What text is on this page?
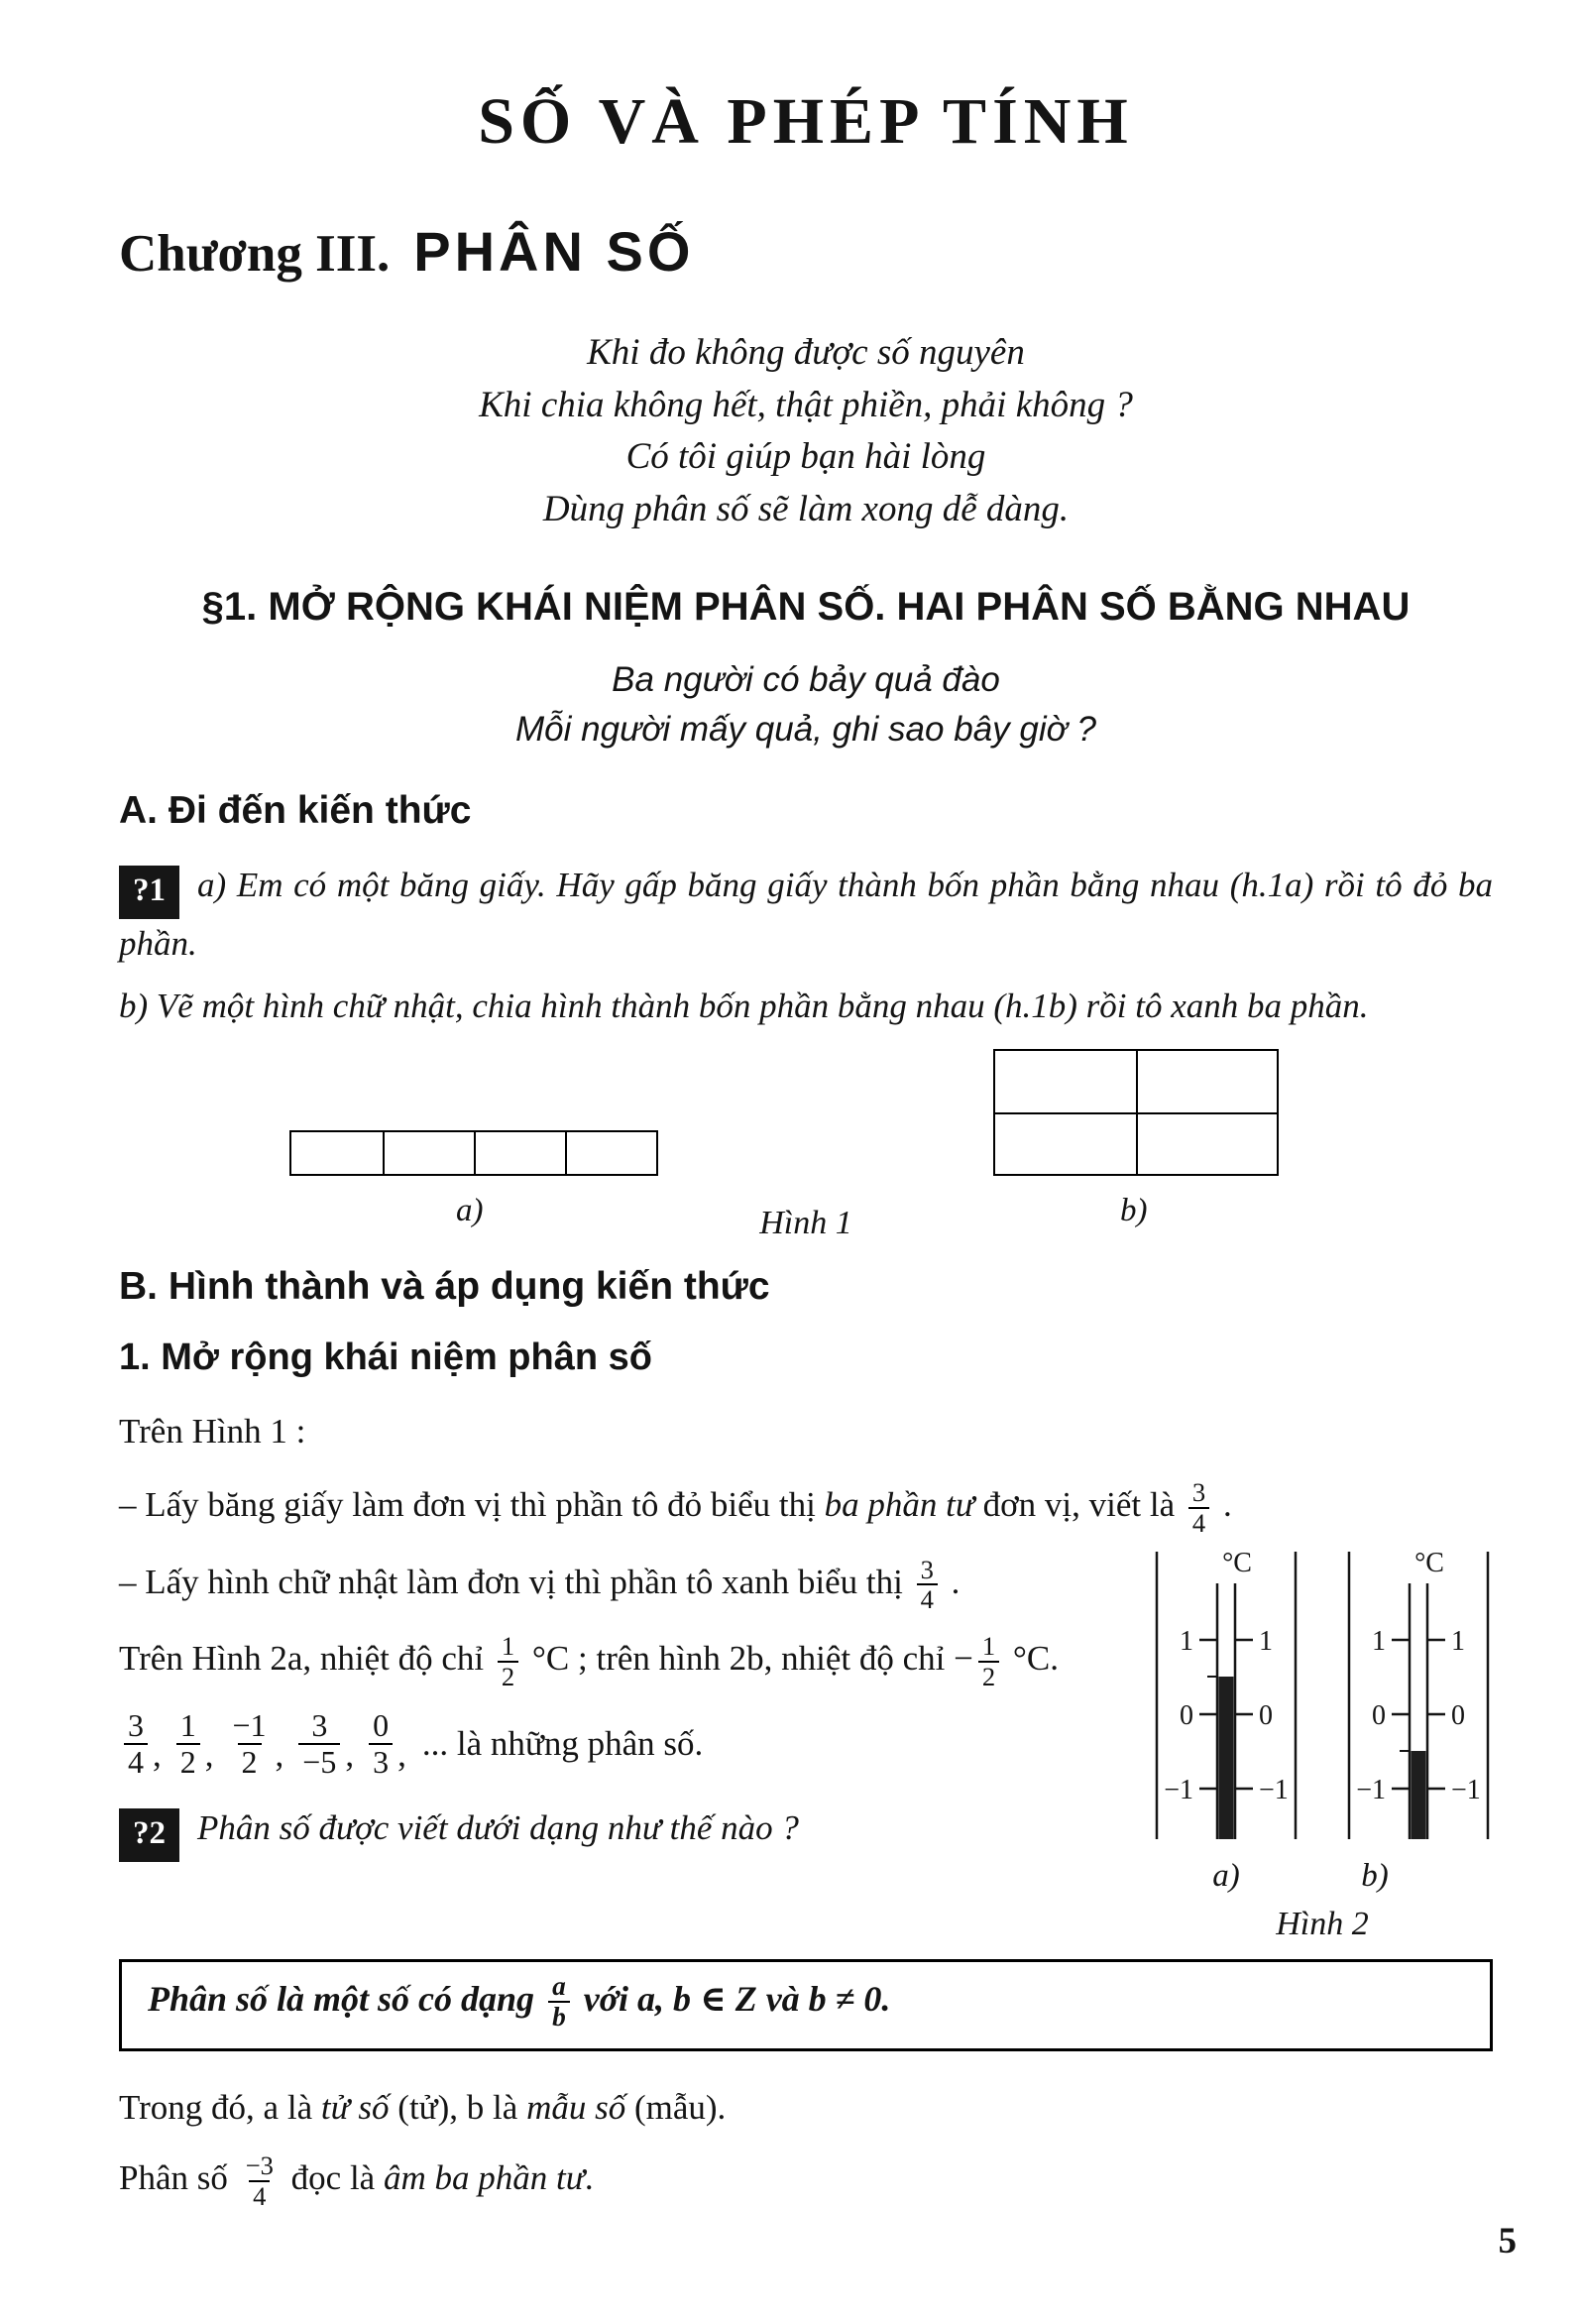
SỐ VÀ PHÉP TÍNH
Chương III. PHÂN SỐ
Khi đo không được số nguyên
Khi chia không hết, thật phiền, phải không ?
Có tôi giúp bạn hài lòng
Dùng phân số sẽ làm xong dễ dàng.
§1. MỞ RỘNG KHÁI NIỆM PHÂN SỐ. HAI PHÂN SỐ BẰNG NHAU
Ba người có bảy quả đào
Mỗi người mấy quả, ghi sao bây giờ ?
A. Đi đến kiến thức

?1 a) Em có một băng giấy. Hãy gấp băng giấy thành bốn phần bằng nhau (h.1a) rồi tô đỏ ba phần.

b) Vẽ một hình chữ nhật, chia hình thành bốn phần bằng nhau (h.1b) rồi tô xanh ba phần.

a)	b)
Hình 1
B. Hình thành và áp dụng kiến thức
1. Mở rộng khái niệm phân số

Trên Hình 1 :

– Lấy băng giấy làm đơn vị thì phần tô đỏ biểu thị ba phần tư đơn vị, viết là $\frac{3}{4}$ .

°C
1 1
0 0
−1 −1
°C
1 1
0 0
−1 −1
a)	b)
Hình 2

– Lấy hình chữ nhật làm đơn vị thì phần tô xanh biểu thị $\frac{3}{4}$ .

Trên Hình 2a, nhiệt độ chỉ $\frac{1}{2} ^\circ C$ ; trên hình 2b, nhiệt độ chỉ − $\frac{1}{2} ^\circ C$.

$\frac{3}{4}$ , $\frac{1}{2}$ , $\frac{-1}{2}$ , $\frac{3}{-5}$ , $\frac{0}{3}$ , ... là những phân số.

?2 Phân số được viết dưới dạng như thế nào ?

Phân số là một số có dạng $\frac{a}{b}$ với a, b ∈ Z và b ≠ 0.

Trong đó, a là tử số (tử), b là mẫu số (mẫu).

Phân số $\frac{-3}{4}$ đọc là âm ba phần tư.

5
